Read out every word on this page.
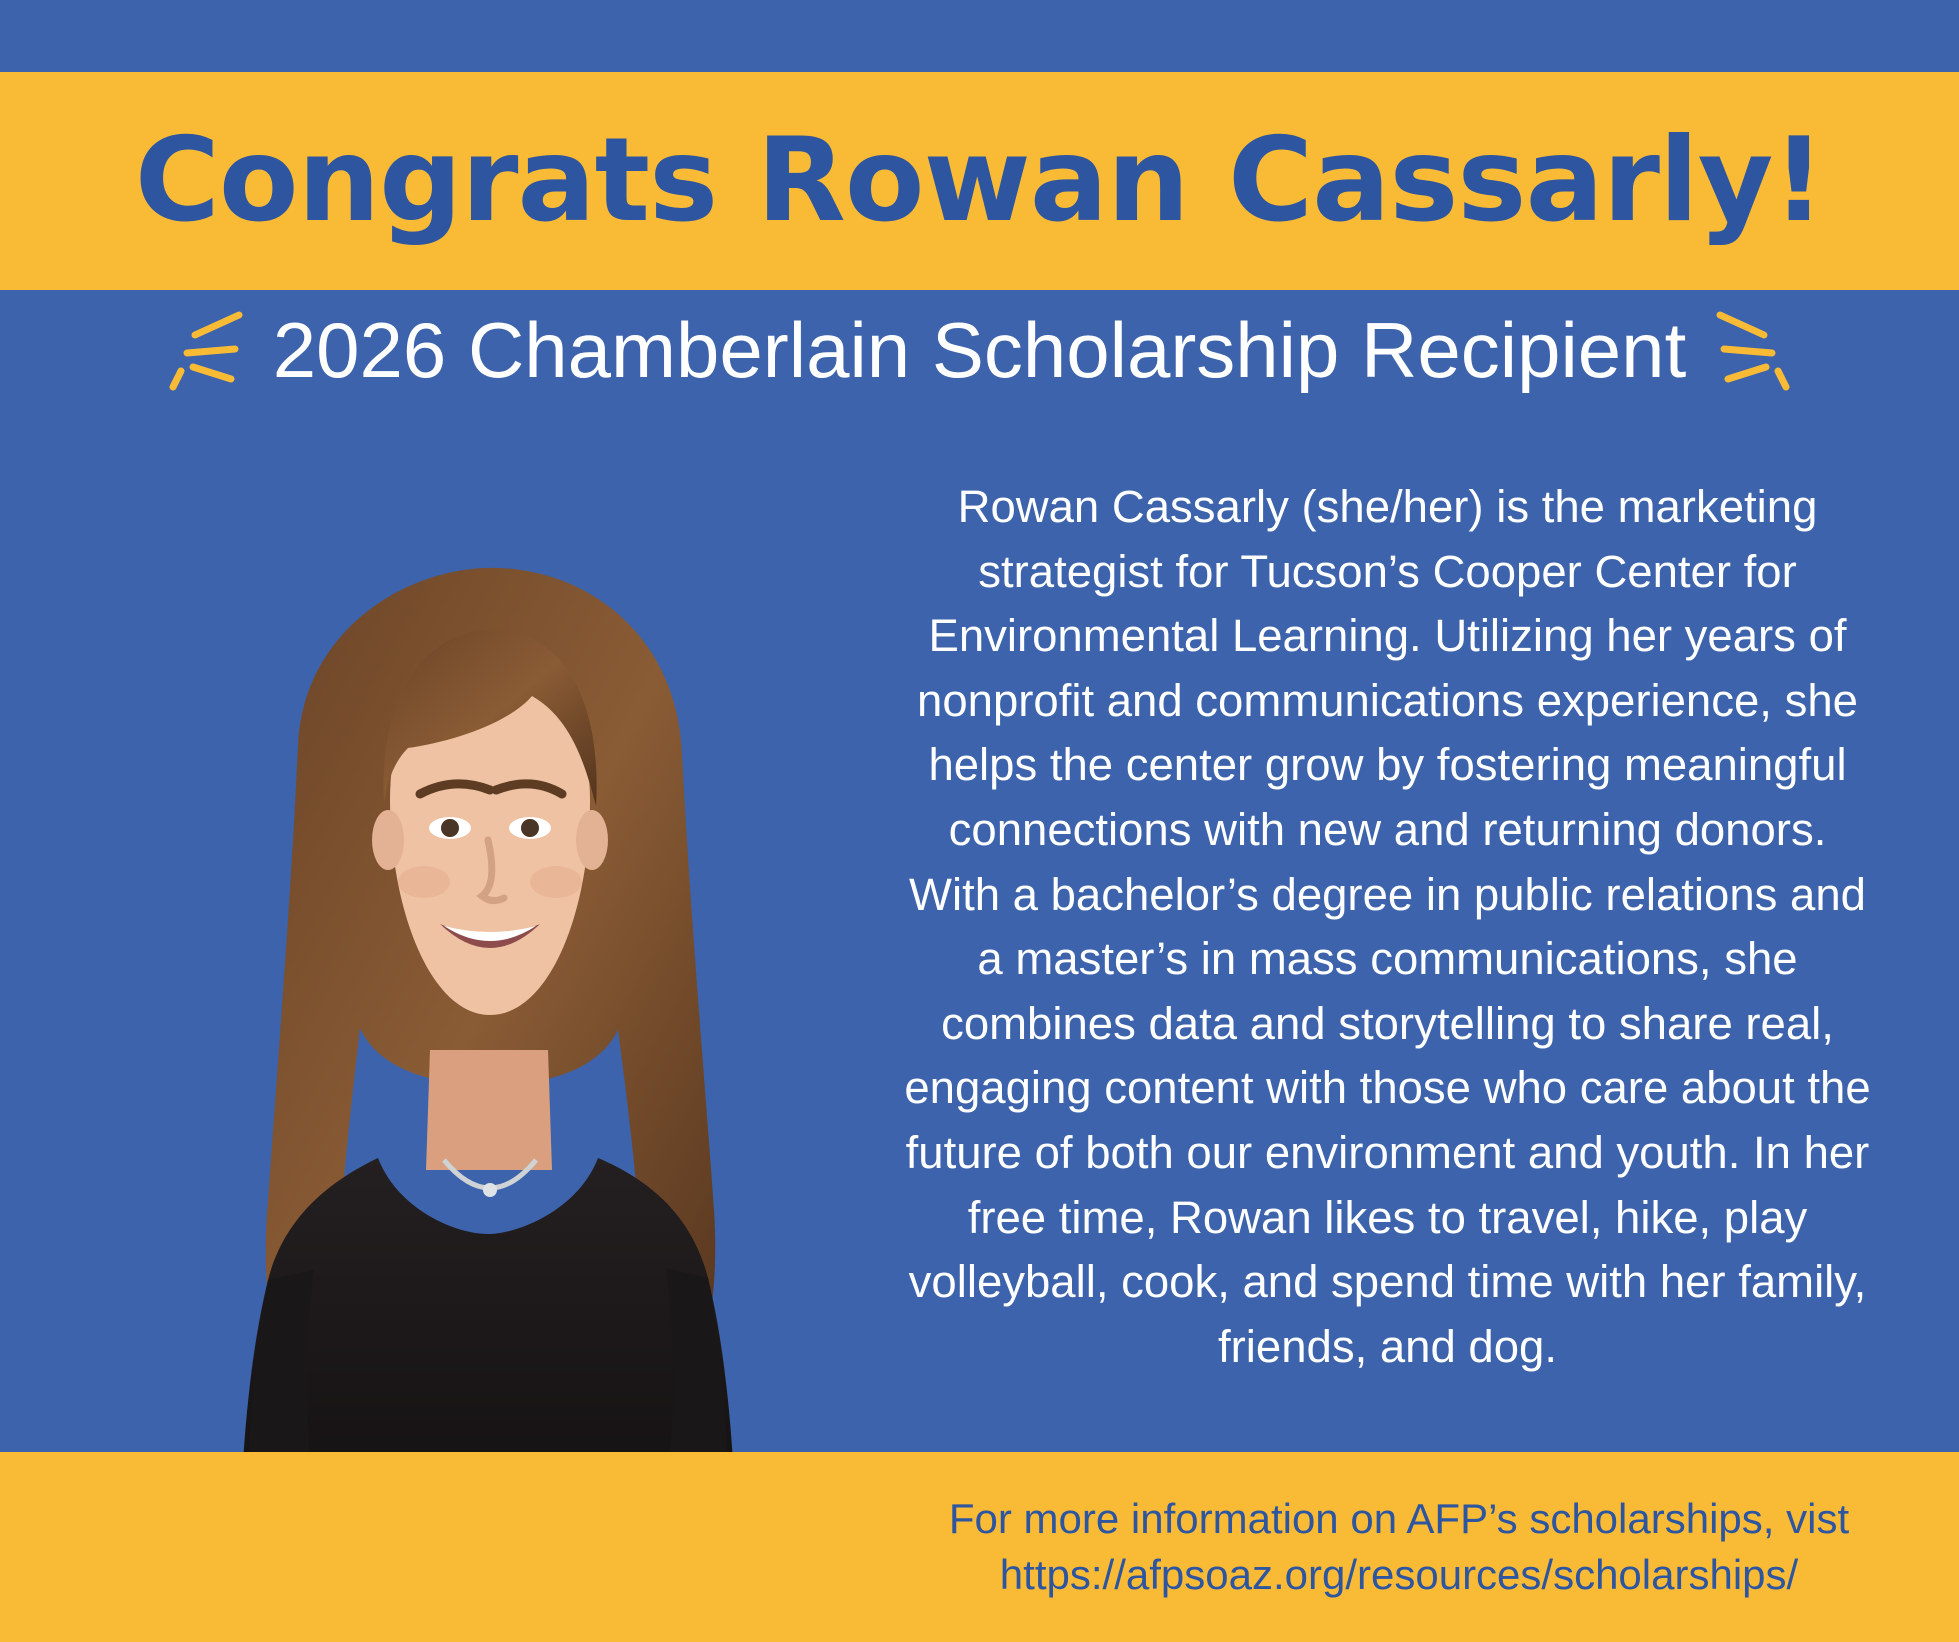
Congrats Rowan Cassarly!
2026 Chamberlain Scholarship Recipient
Rowan Cassarly (she/her) is the marketing strategist for Tucson’s Cooper Center for Environmental Learning. Utilizing her years of nonprofit and communications experience, she helps the center grow by fostering meaningful connections with new and returning donors. With a bachelor’s degree in public relations and a master’s in mass communications, she combines data and storytelling to share real, engaging content with those who care about the future of both our environment and youth. In her free time, Rowan likes to travel, hike, play volleyball, cook, and spend time with her family, friends, and dog.
For more information on AFP’s scholarships, vist
https://afpsoaz.org/resources/scholarships/
